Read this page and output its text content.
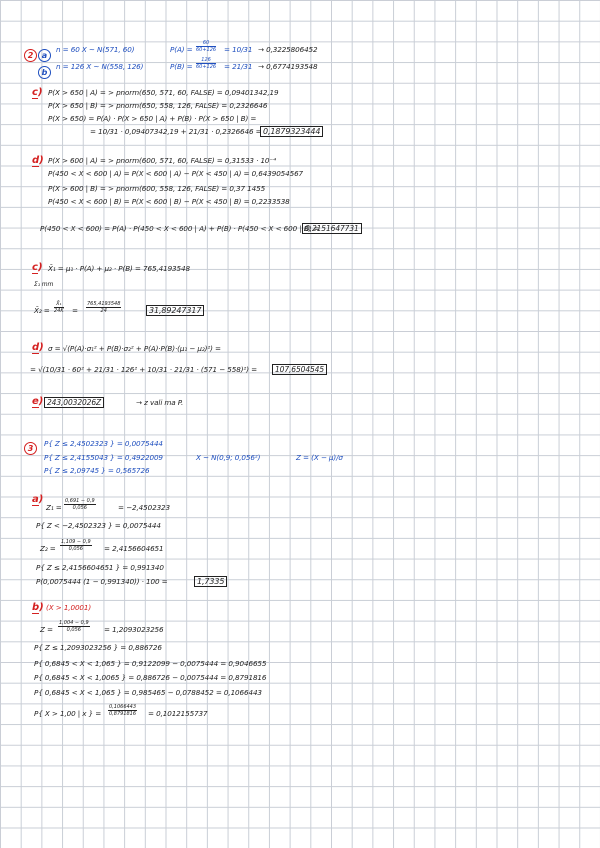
2	a
n = 60 X ~ N(571, 60)	$P(A) = \frac{60}{60+126} = 10/31 \to 0,3225806452$
b
n = 126 X ~ N(558, 126)	$P(B) = \frac{126}{60+126} = 21/31 \to 0,6774193548$
c) P(X > 650 | A) = > pnorm(650, 571, 60, FALSE) = 0,09401342,19
P(X > 650 | B) = > pnorm(650, 558, 126, FALSE) = 0,2326646
P(X > 650) = P(A) · P(X > 650 | A) + P(B) · P(X > 650 | B) =
= 10/31 · 0,09407342,19 + 21/31 · 0,2326646 = 0,1879323444
d) P(X > 600 | A) = > pnorm(600, 571, 60, FALSE) = 0,31533 · 10⁻⁴
P(450 < X < 600 | A) = P(X < 600 | A) − P(X < 450 | A) = 0,6439054567
P(X > 600 | B) = > pnorm(600, 558, 126, FALSE) = 0,37 1455
P(450 < X < 600 | B) = P(X < 600 | B) − P(X < 450 | B) = 0,2233538
P(450 < X < 600) = P(A) · P(450 < X < 600 | A) + P(B) · P(450 < X < 600 | B) =
0,2151647731
c) X̄₁ = μ₁ · P(A) + μ₂ · P(B) = 765,4193548
Σ₁ mm
X̄₂ = $\frac{\text{X̄₁}}{24K} = \frac{765,4193548}{24}$	31,89247317
d) σ = √(P(A)·σ₁² + P(B)·σ₂² + P(A)·P(B)·(μ₁ − μ₂)²) =
= √(10/31 · 60² + 21/31 · 126² + 10/31 · 21/31 · (571 − 558)²) =	107,6504545
e) 243,0032026Z	→ z vali ma P.
3
P{ Z ≤ 2,4502323 } = 0,0075444
P{ Z ≤ 2,4155043 } = 0,4922009
P{ Z ≤ 2,09745 } = 0,565726
X ~ N(0,9; 0,056²)	Z = (X − μ)/σ
a)
$Z_1 = \frac{0,691 - 0,9}{0,056}$	= −2,4502323
P{ Z < −2,4502323 } = 0,0075444
$Z_2 = \frac{1,109 - 0,9}{0,056} = 2,4156604651$
P{ Z ≤ 2,4156604651 } = 0,991340
P(0,0075444 (1 − 0,991340)) · 100 =	1,7335
b) (X > 1,0001)
$Z = \frac{1,004 - 0,9}{0,056} = 1,2093023256$
P{ Z ≤ 1,2093023256 } = 0,886726
P{ 0,6845 < X < 1,065 } = 0,9122099 − 0,0075444 = 0,9046655
P{ 0,6845 < X < 1,0065 } = 0,886726 − 0,0075444 = 0,8791816
P{ 0,6845 < X < 1,065 } = 0,985465 − 0,0788452 = 0,1066443
P{ X > 1,00 | x } = $\frac{0,1066443}{0,8791816} = 0,1012155737$
